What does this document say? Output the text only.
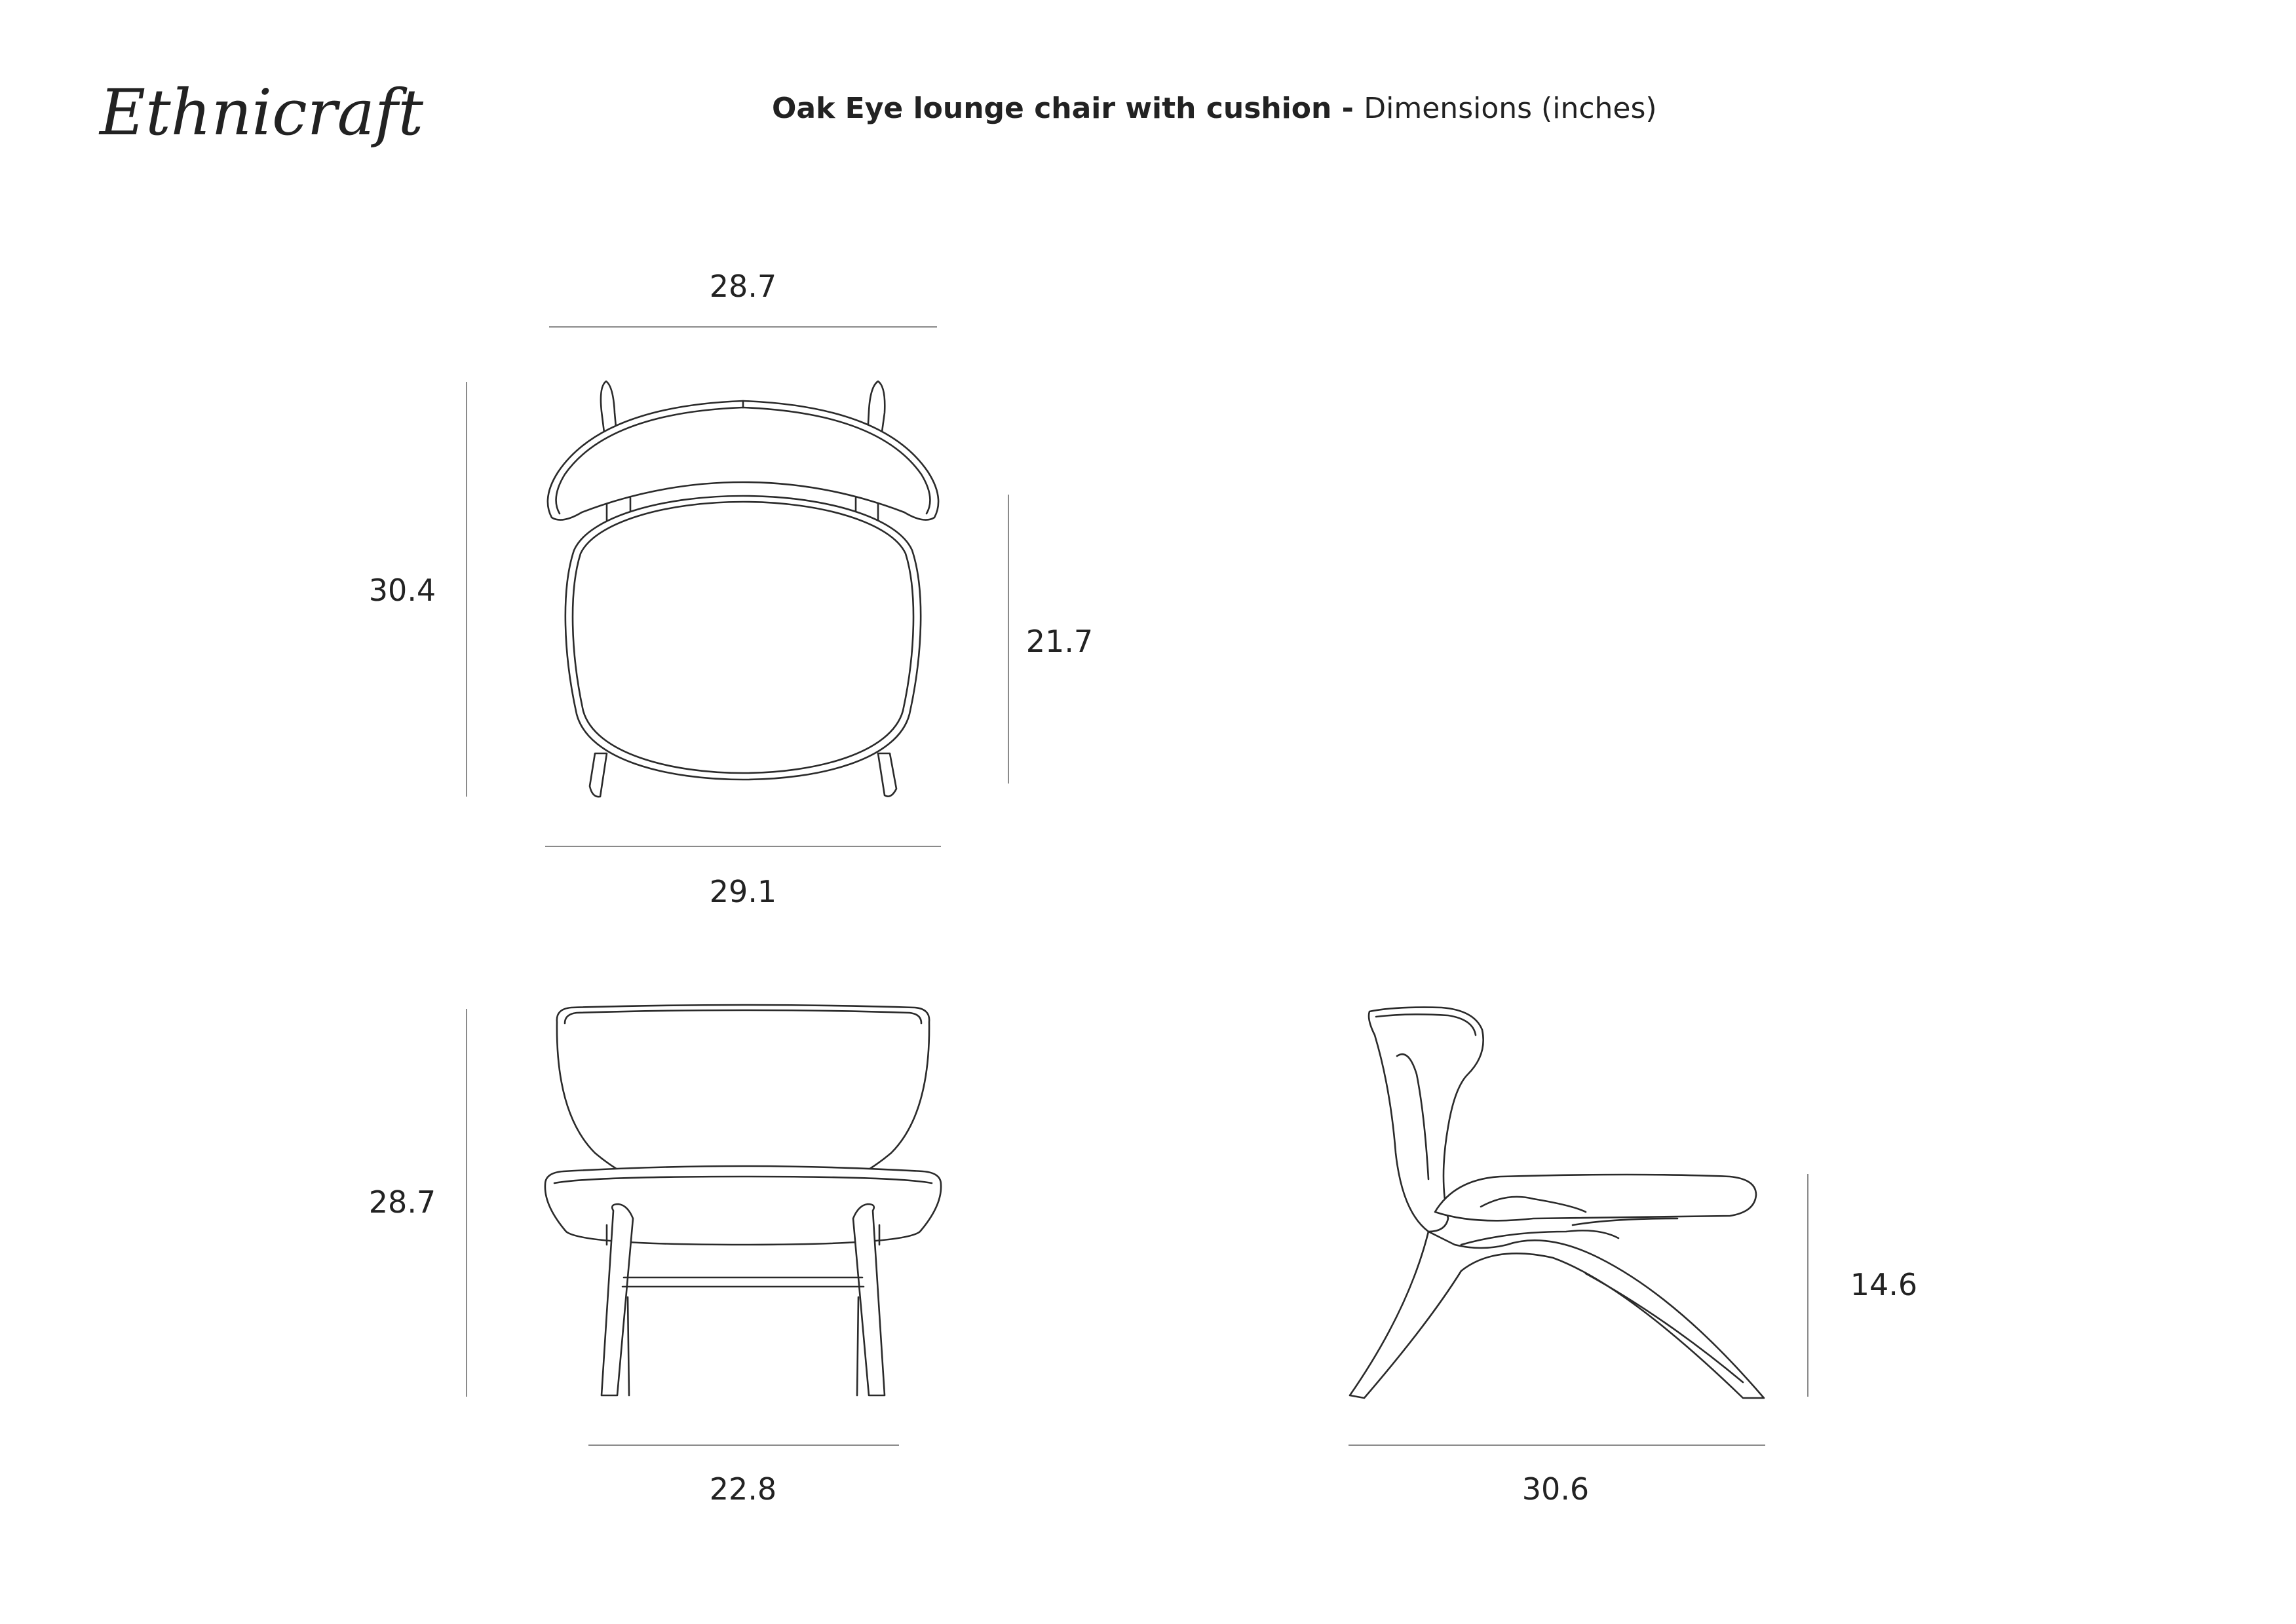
Ethnicraft	Oak Eye lounge chair with cushion - Dimensions (inches)
28.7
30.4
21.7
29.1
28.7
22.8
14.6
30.6
